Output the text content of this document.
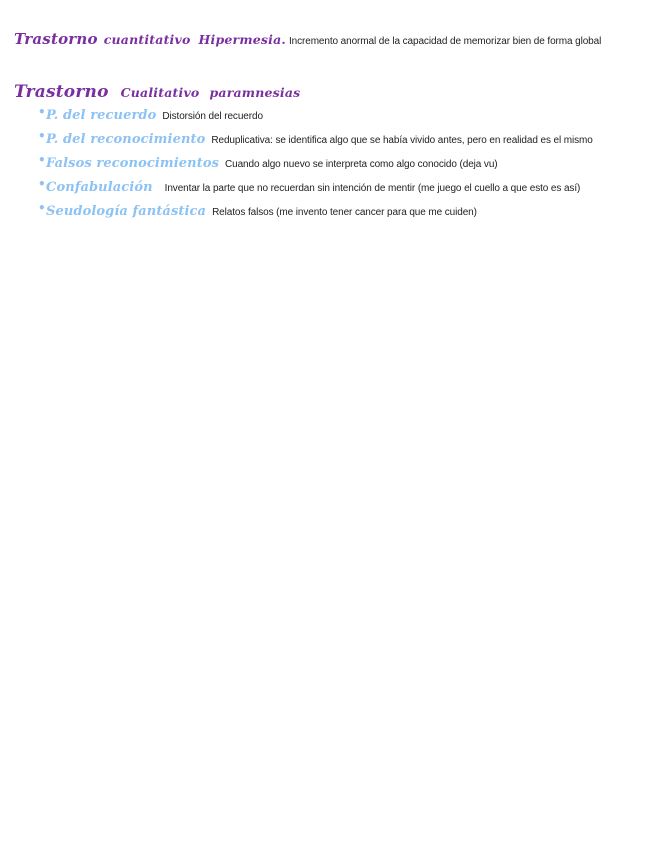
Trastorno cuantitativo Hipermesia. Incremento anormal de la capacidad de memorizar bien de forma global
Trastorno Cualitativo paramnesias
• P. del recuerdo Distorsión del recuerdo
• P. del reconocimiento Reduplicativa: se identifica algo que se había vivido antes, pero en realidad es el mismo
• Falsos reconocimientos Cuando algo nuevo se interpreta como algo conocido (deja vu)
• Confabulación Inventar la parte que no recuerdan sin intención de mentir (me juego el cuello a que esto es así)
• Seudología fantástica Relatos falsos (me invento tener cancer para que me cuiden)
